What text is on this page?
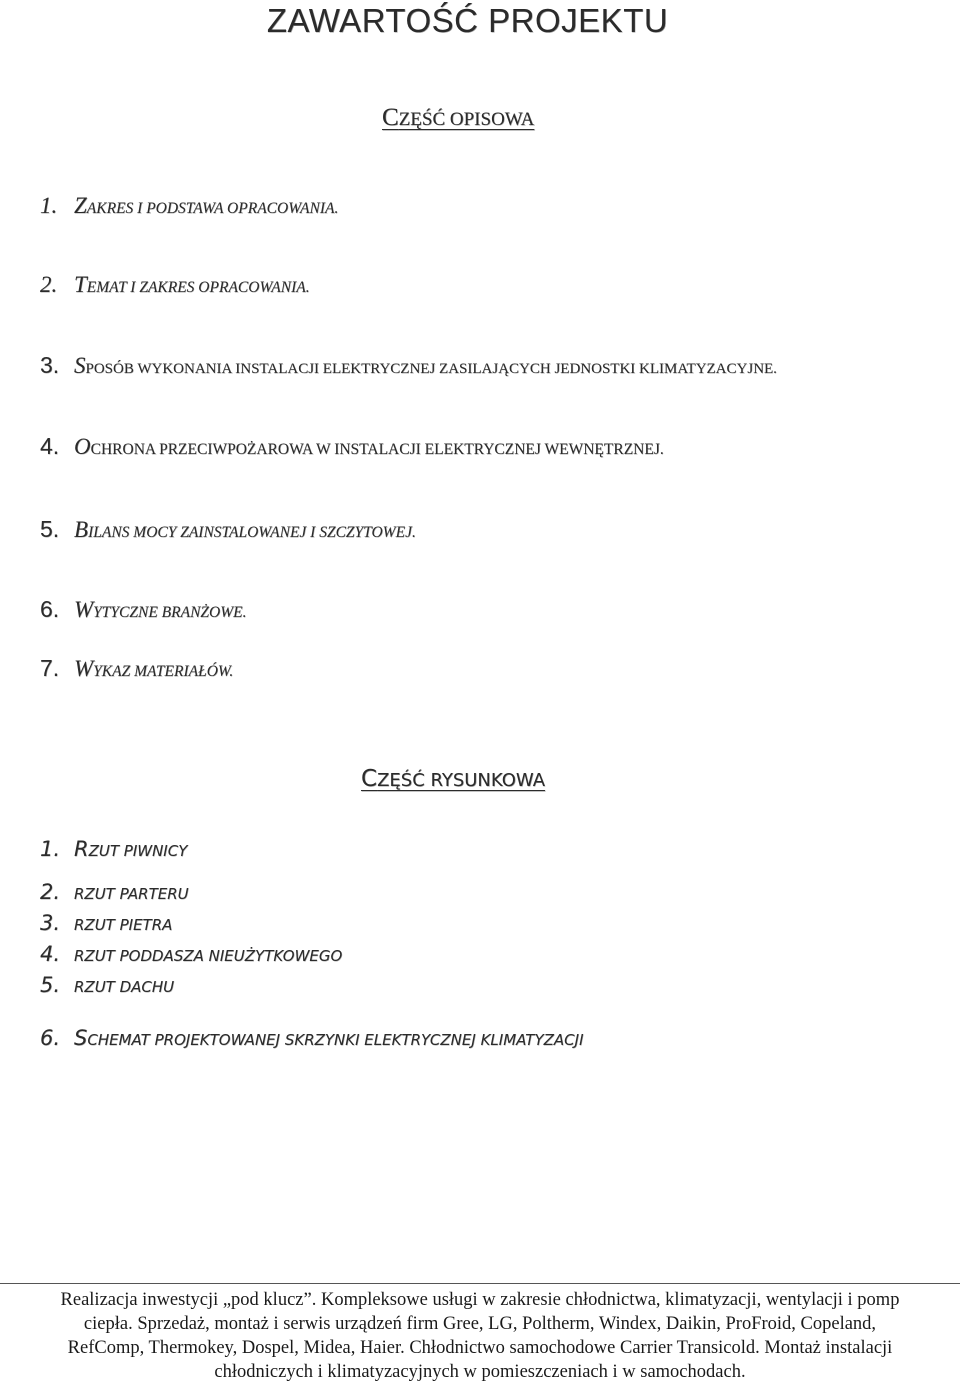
ZAWARTOŚĆ PROJEKTU
CZĘŚĆ OPISOWA
1. ZAKRES I PODSTAWA OPRACOWANIA.
2. TEMAT I ZAKRES OPRACOWANIA.
3. SPOSÓB WYKONANIA INSTALACJI ELEKTRYCZNEJ ZASILAJĄCYCH JEDNOSTKI KLIMATYZACYJNE.
4. OCHRONA PRZECIWPOŻAROWA W INSTALACJI ELEKTRYCZNEJ WEWNĘTRZNEJ.
5. BILANS MOCY ZAINSTALOWANEJ I SZCZYTOWEJ.
6. WYTYCZNE BRANŻOWE.
7. WYKAZ MATERIAŁÓW.
CZĘŚĆ RYSUNKOWA
1. RZUT PIWNICY
2. RZUT PARTERU
3. RZUT PIETRA
4. RZUT PODDASZA NIEUŻYTKOWEGO
5. RZUT DACHU
6. SCHEMAT PROJEKTOWANEJ SKRZYNKI ELEKTRYCZNEJ KLIMATYZACJI
Realizacja inwestycji „pod klucz”. Kompleksowe usługi w zakresie chłodnictwa, klimatyzacji, wentylacji i pomp
ciepła. Sprzedaż, montaż i serwis urządzeń firm Gree, LG, Poltherm, Windex, Daikin, ProFroid, Copeland,
RefComp, Thermokey, Dospel, Midea, Haier. Chłodnictwo samochodowe Carrier Transicold. Montaż instalacji
chłodniczych i klimatyzacyjnych w pomieszczeniach i w samochodach.
